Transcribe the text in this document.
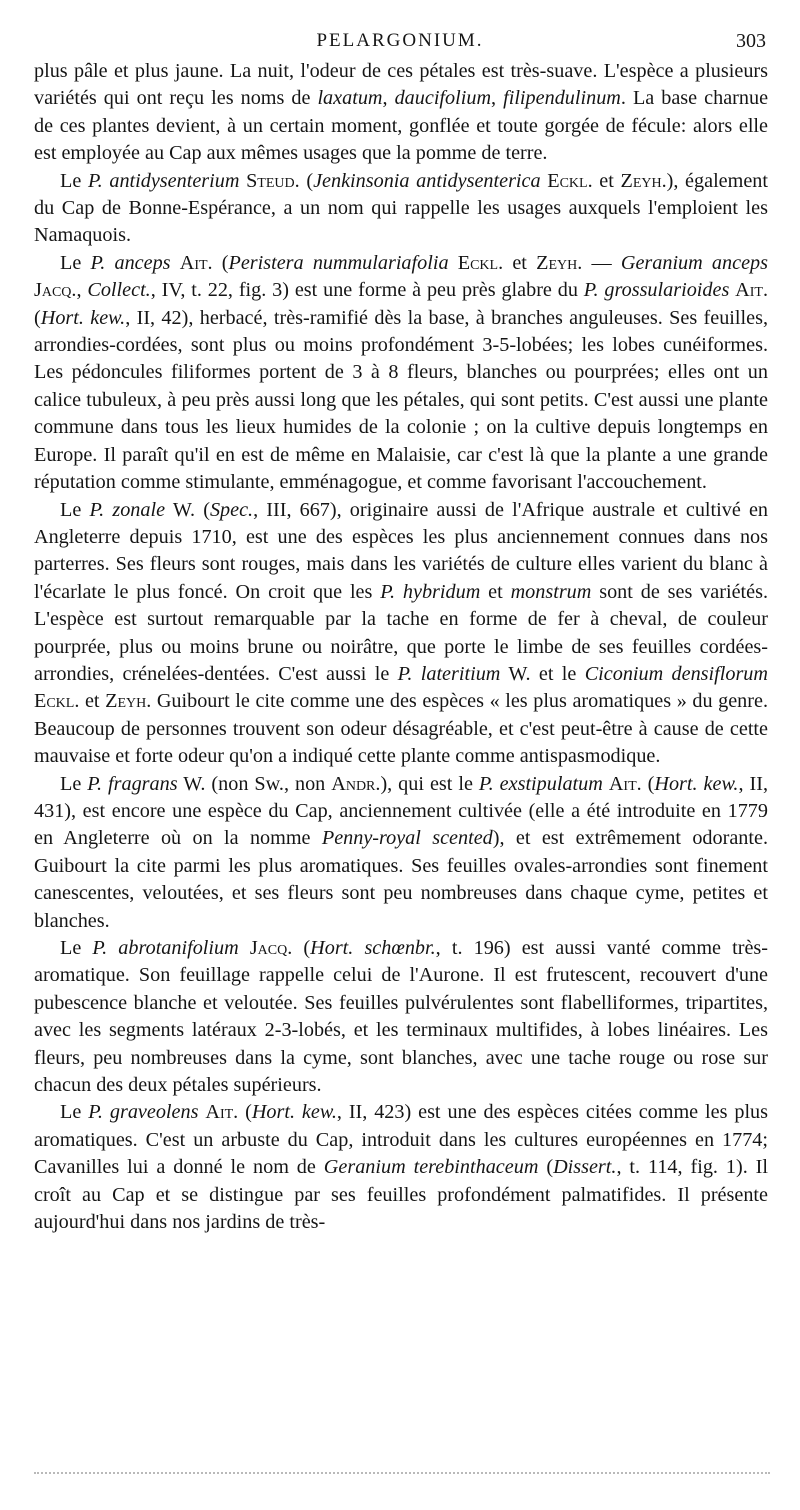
PELARGONIUM.	303

plus pâle et plus jaune. La nuit, l'odeur de ces pétales est très-suave. L'espèce a plusieurs variétés qui ont reçu les noms de laxatum, daucifolium, filipendulinum. La base charnue de ces plantes devient, à un certain moment, gonflée et toute gorgée de fécule: alors elle est employée au Cap aux mêmes usages que la pomme de terre.

Le P. antidysenterium Steud. (Jenkinsonia antidysenterica Eckl. et Zeyh.), également du Cap de Bonne-Espérance, a un nom qui rappelle les usages auxquels l'emploient les Namaquois.

Le P. anceps Ait. (Peristera nummulariafolia Eckl. et Zeyh. — Geranium anceps Jacq., Collect., IV, t. 22, fig. 3) est une forme à peu près glabre du P. grossularioides Ait. (Hort. kew., II, 42), herbacé, très-ramifié dès la base, à branches anguleuses. Ses feuilles, arrondies-cordées, sont plus ou moins profondément 3-5-lobées; les lobes cunéiformes. Les pédoncules filiformes portent de 3 à 8 fleurs, blanches ou pourprées; elles ont un calice tubuleux, à peu près aussi long que les pétales, qui sont petits. C'est aussi une plante commune dans tous les lieux humides de la colonie ; on la cultive depuis longtemps en Europe. Il paraît qu'il en est de même en Malaisie, car c'est là que la plante a une grande réputation comme stimulante, emménagogue, et comme favorisant l'accouchement.

Le P. zonale W. (Spec., III, 667), originaire aussi de l'Afrique australe et cultivé en Angleterre depuis 1710, est une des espèces les plus anciennement connues dans nos parterres. Ses fleurs sont rouges, mais dans les variétés de culture elles varient du blanc à l'écarlate le plus foncé. On croit que les P. hybridum et monstrum sont de ses variétés. L'espèce est surtout remarquable par la tache en forme de fer à cheval, de couleur pourprée, plus ou moins brune ou noirâtre, que porte le limbe de ses feuilles cordées-arrondies, crénelées-dentées. C'est aussi le P. lateritium W. et le Ciconium densiflorum Eckl. et Zeyh. Guibourt le cite comme une des espèces « les plus aromatiques » du genre. Beaucoup de personnes trouvent son odeur désagréable, et c'est peut-être à cause de cette mauvaise et forte odeur qu'on a indiqué cette plante comme antispasmodique.

Le P. fragrans W. (non Sw., non Andr.), qui est le P. exstipulatum Ait. (Hort. kew., II, 431), est encore une espèce du Cap, anciennement cultivée (elle a été introduite en 1779 en Angleterre où on la nomme Penny-royal scented), et est extrêmement odorante. Guibourt la cite parmi les plus aromatiques. Ses feuilles ovales-arrondies sont finement canescentes, veloutées, et ses fleurs sont peu nombreuses dans chaque cyme, petites et blanches.

Le P. abrotanifolium Jacq. (Hort. schœnbr., t. 196) est aussi vanté comme très-aromatique. Son feuillage rappelle celui de l'Aurone. Il est frutescent, recouvert d'une pubescence blanche et veloutée. Ses feuilles pulvérulentes sont flabelliformes, tripartites, avec les segments latéraux 2-3-lobés, et les terminaux multifides, à lobes linéaires. Les fleurs, peu nombreuses dans la cyme, sont blanches, avec une tache rouge ou rose sur chacun des deux pétales supérieurs.

Le P. graveolens Ait. (Hort. kew., II, 423) est une des espèces citées comme les plus aromatiques. C'est un arbuste du Cap, introduit dans les cultures européennes en 1774; Cavanilles lui a donné le nom de Geranium terebinthaceum (Dissert., t. 114, fig. 1). Il croît au Cap et se distingue par ses feuilles profondément palmatifides. Il présente aujourd'hui dans nos jardins de très-
